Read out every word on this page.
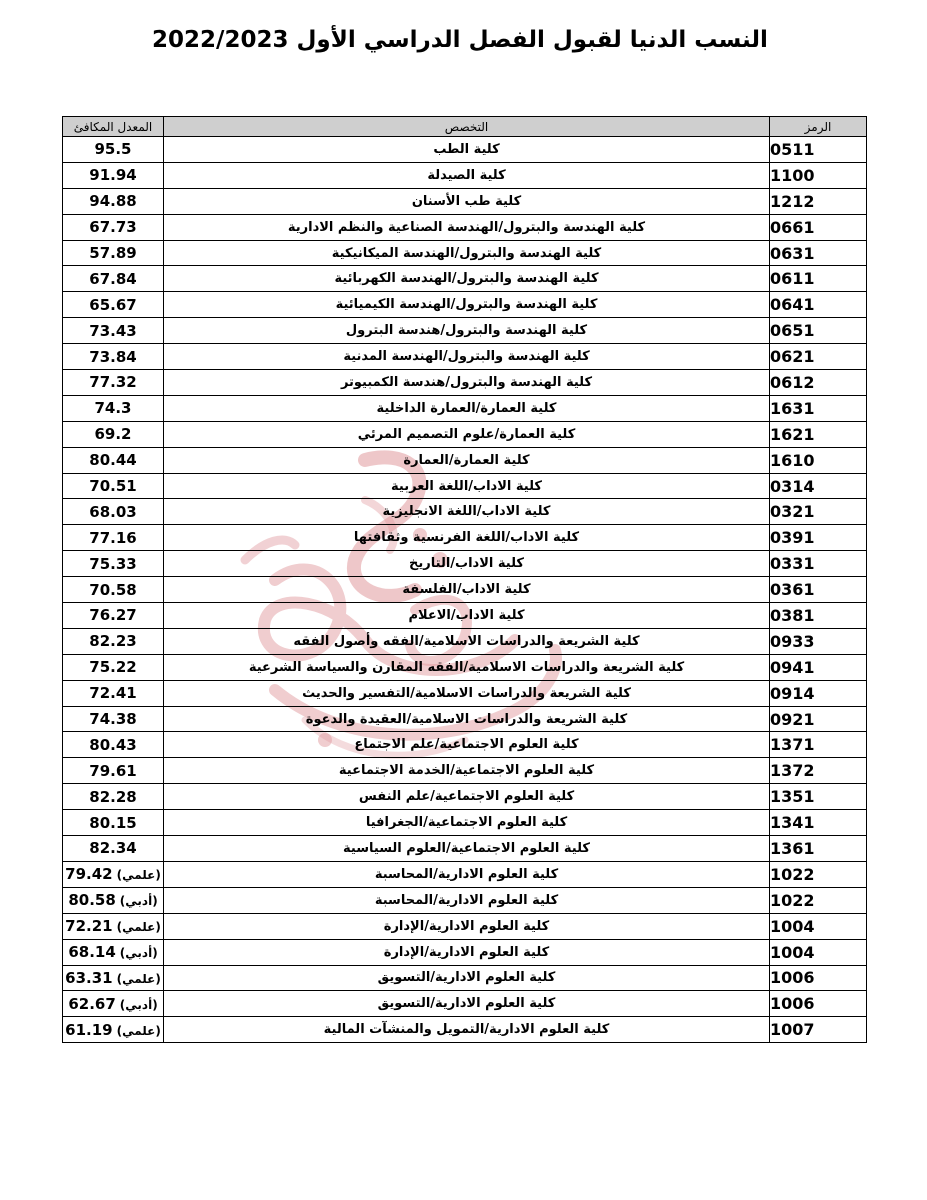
النسب الدنيا لقبول الفصل الدراسي الأول 2022/2023
الرمز	التخصص	المعدل المكافئ
0511	كلية الطب	95.5
1100	كلية الصيدلة	91.94
1212	كلية طب الأسنان	94.88
0661	كلية الهندسة والبترول/الهندسة الصناعية والنظم الادارية	67.73
0631	كلية الهندسة والبترول/الهندسة الميكانيكية	57.89
0611	كلية الهندسة والبترول/الهندسة الكهربائية	67.84
0641	كلية الهندسة والبترول/الهندسة الكيميائية	65.67
0651	كلية الهندسة والبترول/هندسة البترول	73.43
0621	كلية الهندسة والبترول/الهندسة المدنية	73.84
0612	كلية الهندسة والبترول/هندسة الكمبيوتر	77.32
1631	كلية العمارة/العمارة الداخلية	74.3
1621	كلية العمارة/علوم التصميم المرئي	69.2
1610	كلية العمارة/العمارة	80.44
0314	كلية الاداب/اللغة العربية	70.51
0321	كلية الاداب/اللغة الانجليزية	68.03
0391	كلية الاداب/اللغة الفرنسية وثقافتها	77.16
0331	كلية الاداب/التاريخ	75.33
0361	كلية الاداب/الفلسفة	70.58
0381	كلية الاداب/الاعلام	76.27
0933	كلية الشريعة والدراسات الاسلامية/الفقه وأصول الفقه	82.23
0941	كلية الشريعة والدراسات الاسلامية/الفقه المقارن والسياسة الشرعية	75.22
0914	كلية الشريعة والدراسات الاسلامية/التفسير والحديث	72.41
0921	كلية الشريعة والدراسات الاسلامية/العقيدة والدعوة	74.38
1371	كلية العلوم الاجتماعية/علم الاجتماع	80.43
1372	كلية العلوم الاجتماعية/الخدمة الاجتماعية	79.61
1351	كلية العلوم الاجتماعية/علم النفس	82.28
1341	كلية العلوم الاجتماعية/الجغرافيا	80.15
1361	كلية العلوم الاجتماعية/العلوم السياسية	82.34
1022	كلية العلوم الادارية/المحاسبة	79.42 (علمي)
1022	كلية العلوم الادارية/المحاسبة	80.58 (أدبي)
1004	كلية العلوم الادارية/الإدارة	72.21 (علمي)
1004	كلية العلوم الادارية/الإدارة	68.14 (أدبي)
1006	كلية العلوم الادارية/التسويق	63.31 (علمي)
1006	كلية العلوم الادارية/التسويق	62.67 (أدبي)
1007	كلية العلوم الادارية/التمويل والمنشآت المالية	61.19 (علمي)
